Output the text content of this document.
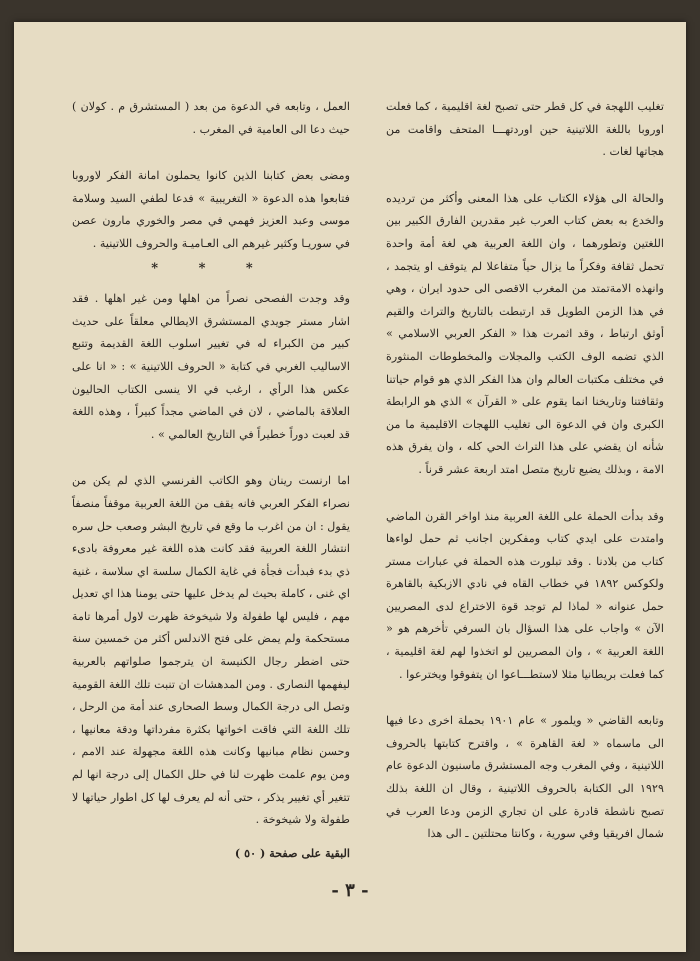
تغليب اللهجة في كل قطر حتى تصبح لغة اقليمية ، كما فعلت اوروبا باللغة اللاتينية حين اوردتهـــا المتحف واقامت من هجاتها لغات .

والحالة الى هؤلاء الكتاب على هذا المعنى وأكثر من ترديده والخدع به بعض كتاب العرب غير مقدرين الفارق الكبير بين اللغتين وتطورهما ، وان اللغة العربية هي لغة أمة واحدة تحمل ثقافة وفكراً ما يزال حياً متفاعلا لم يتوقف او يتجمد ، وانهذه الامةتمتد من المغرب الاقصى الى حدود ايران ، وهي في هذا الزمن الطويل قد ارتبطت بالتاريخ والتراث والقيم أوثق ارتباط ، وقد اثمرت هذا « الفكر العربي الاسلامي » الذي تضمه الوف الكتب والمجلات والمخطوطات المنثورة في مختلف مكتبات العالم وان هذا الفكر الذي هو قوام حياتنا وثقافتنا وتاريخنا انما يقوم على « القرآن » الذي هو الرابطة الكبرى وان في الدعوة الى تغليب اللهجات الاقليمية ما من شأنه ان يقضي على هذا التراث الحي كله ، وان يفرق هذه الامة ، وبذلك يضيع تاريخ متصل امتد اربعة عشر قرناً .

وقد بدأت الحملة على اللغة العربية منذ اواخر القرن الماضي وامتدت على ايدي كتاب ومفكرين اجانب ثم حمل لواءها كتاب من بلادنا . وقد تبلورت هذه الحملة في عبارات مستر ولكوكس ١٨٩٢ في خطاب القاه في نادي الازبكية بالقاهرة حمل عنوانه « لماذا لم توجد قوة الاختراع لدى المصريين الآن » واجاب على هذا السؤال بان السرفي تأخرهم هو « اللغة العربية » ، وان المصريين لو اتخذوا لهم لغة اقليمية ، كما فعلت بريطانيا مثلا لاستطـــاعوا ان يتفوقوا ويخترعوا .

وتابعه القاضي « ويلمور » عام ١٩٠١ بحملة اخرى دعا فيها الى ماسماه « لغة القاهرة » ، واقترح كتابتها بالحروف اللاتينية ، وفي المغرب وجه المستشرق ماسنيون الدعوة عام ١٩٢٩ الى الكتابة بالحروف اللاتينية ، وقال ان اللغة بذلك تصبح ناشطة قادرة على ان تجاري الزمن ودعا العرب في شمال افريقيا وفي سورية ، وكانتا محتلتين ـ الى هذا

العمل ، وتابعه في الدعوة من بعد ( المستشرق م . كولان ) حيث دعا الى العامية في المغرب .

ومضى بعض كتابنا الذين كانوا يحملون امانة الفكر لاوروبا فتابعوا هذه الدعوة « التغريبية » فدعا لطفي السيد وسلامة موسى وعبد العزيز فهمي في مصر والخوري مارون عصن في سوريـا وكثير غيرهم الى العـاميـة والحروف اللاتينية .

* * *

وقد وجدت الفصحى نصراً من اهلها ومن غير اهلها . فقد اشار مستر جويدي المستشرق الايطالي معلقاً على حديث كبير من الكبراء له في تغيير اسلوب اللغة القديمة وتتبع الاساليب الغربي في كتابة « الحروف اللاتينية » : « انا على عكس هذا الرأي ، ارغب في الا ينسى الكتاب الحاليون العلاقة بالماضي ، لان في الماضي مجداً كبيراً ، وهذه اللغة قد لعبت دوراً خطيراً في التاريخ العالمي » .

اما ارنست رينان وهو الكاتب الفرنسي الذي لم يكن من نصراء الفكر العربي فانه يقف من اللغة العربية موقفاً منصفاً يقول : ان من اغرب ما وقع في تاريخ البشر وصعب حل سره انتشار اللغة العربية فقد كانت هذه اللغة غير معروفة بادىء ذي بدء فبدأت فجأة في غاية الكمال سلسة اي سلاسة ، غنية اي غنى ، كاملة بحيث لم يدخل عليها حتى يومنا هذا اي تعديل مهم ، فليس لها طفولة ولا شيخوخة ظهرت لاول أمرها تامة مستحكمة ولم يمض على فتح الاندلس أكثر من خمسين سنة حتى اضطر رجال الكنيسة ان يترجموا صلواتهم بالعربية ليفهمها النصارى . ومن المدهشات ان تنبت تلك اللغة القومية وتصل الى درجة الكمال وسط الصحارى عند أمة من الرحل ، تلك اللغة التي فاقت اخواتها بكثرة مفرداتها ودقة معانيها ، وحسن نظام مبانيها وكانت هذه اللغة مجهولة عند الامم ، ومن يوم علمت ظهرت لنا في حلل الكمال إلى درجة انها لم تتغير أي تغيير يذكر ، حتى أنه لم يعرف لها كل اطوار حياتها لا طفولة ولا شيخوخة .

البقية على صفحة ( ٥٠ )
- ٣ -
